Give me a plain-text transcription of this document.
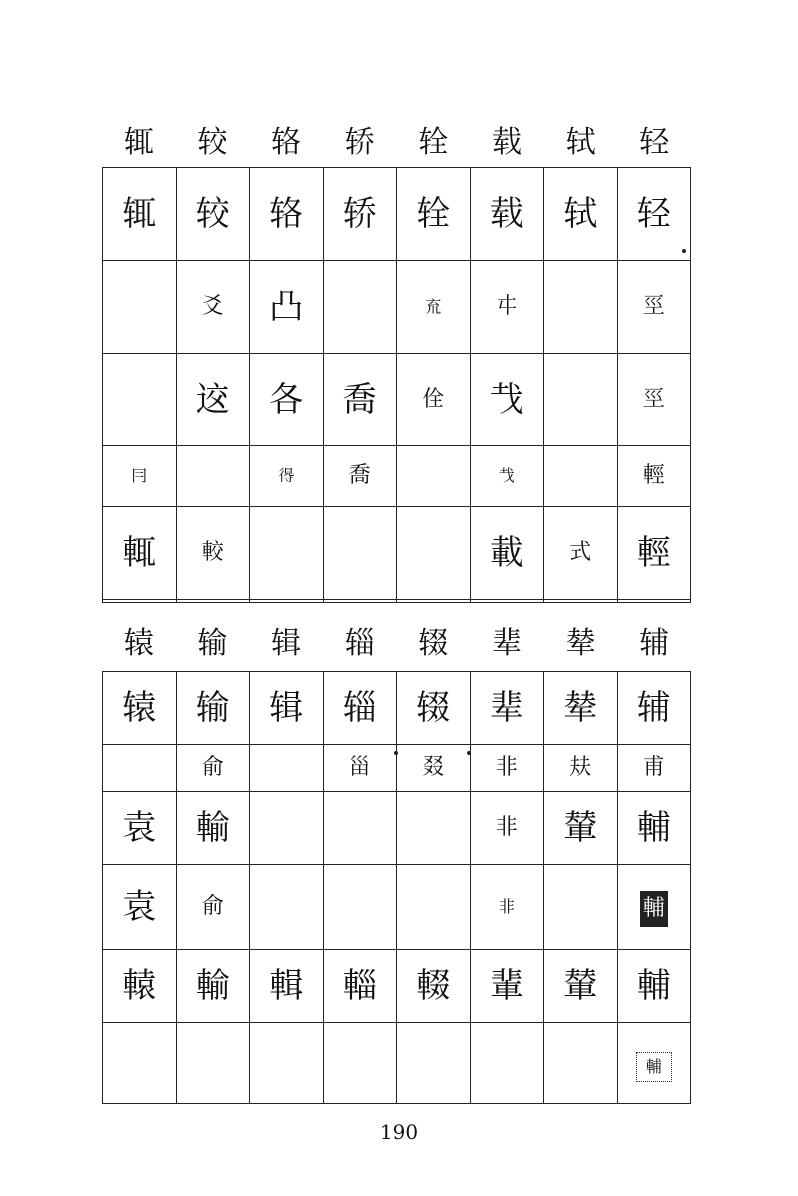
辄	较	辂	轿	辁	载	轼	轻
辄	较	辂	轿	辁	载	轼	轻
	爻	凸		㐬	㐄		巠
	䢒	各	喬	佺	𢦏		巠
冃		𢔶	喬		𢦏		輕
輒	較				載	式	輕

辕	输	辑	辎	辍	辈	辇	辅
辕	输	辑	辎	辍	辈	辇	辅
	俞		甾	叕	非	㚘	甫
袁	輸				非	輦	輔
袁	俞				非		輔
轅	輸	輯	輜	輟	輩	輦	輔
							輔
190
